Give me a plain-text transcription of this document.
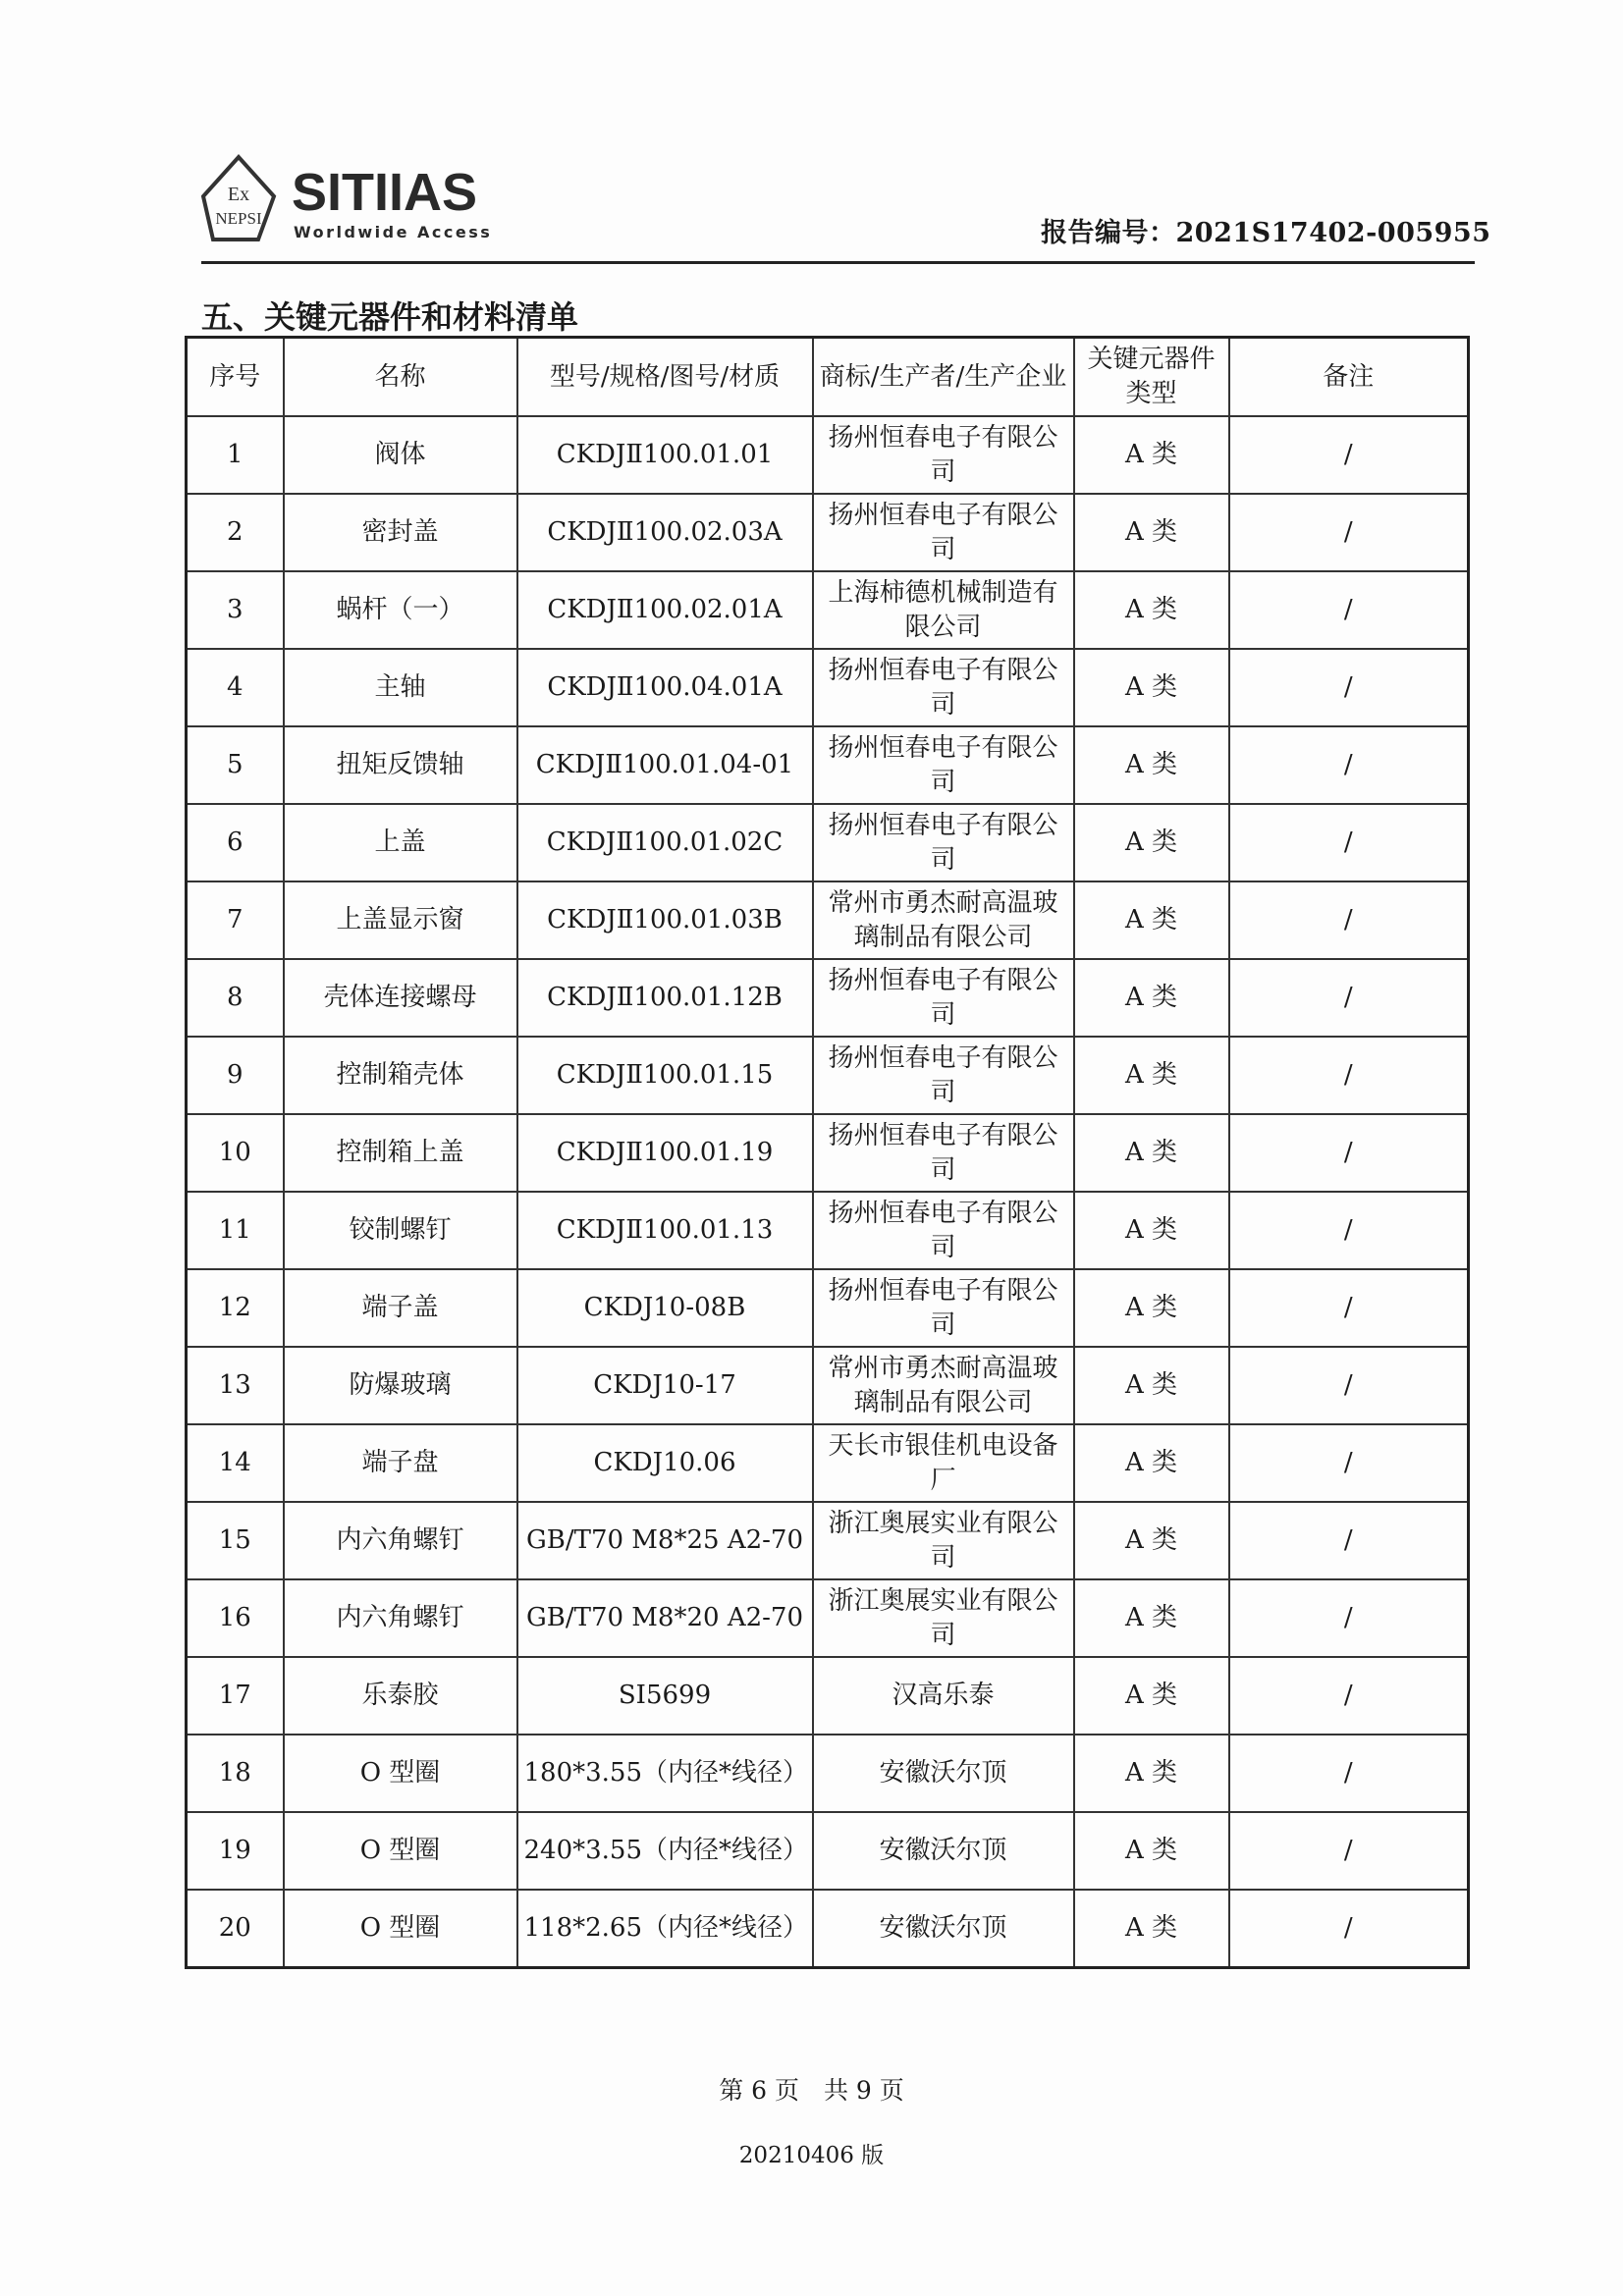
Ex
NEPSI SITIIAS
Worldwide Access	报告编号：2021S17402-005955
五、关键元器件和材料清单
序号	名称	型号/规格/图号/材质	商标/生产者/生产企业	关键元器件类型	备注
1	阀体	CKDJⅡ100.01.01	扬州恒春电子有限公司	A 类	/
2	密封盖	CKDJⅡ100.02.03A	扬州恒春电子有限公司	A 类	/
3	蜗杆（一）	CKDJⅡ100.02.01A	上海柿德机械制造有限公司	A 类	/
4	主轴	CKDJⅡ100.04.01A	扬州恒春电子有限公司	A 类	/
5	扭矩反馈轴	CKDJⅡ100.01.04-01	扬州恒春电子有限公司	A 类	/
6	上盖	CKDJⅡ100.01.02C	扬州恒春电子有限公司	A 类	/
7	上盖显示窗	CKDJⅡ100.01.03B	常州市勇杰耐高温玻璃制品有限公司	A 类	/
8	壳体连接螺母	CKDJⅡ100.01.12B	扬州恒春电子有限公司	A 类	/
9	控制箱壳体	CKDJⅡ100.01.15	扬州恒春电子有限公司	A 类	/
10	控制箱上盖	CKDJⅡ100.01.19	扬州恒春电子有限公司	A 类	/
11	铰制螺钉	CKDJⅡ100.01.13	扬州恒春电子有限公司	A 类	/
12	端子盖	CKDJ10-08B	扬州恒春电子有限公司	A 类	/
13	防爆玻璃	CKDJ10-17	常州市勇杰耐高温玻璃制品有限公司	A 类	/
14	端子盘	CKDJ10.06	天长市银佳机电设备厂	A 类	/
15	内六角螺钉	GB/T70 M8*25 A2-70	浙江奥展实业有限公司	A 类	/
16	内六角螺钉	GB/T70 M8*20 A2-70	浙江奥展实业有限公司	A 类	/
17	乐泰胶	SI5699	汉高乐泰	A 类	/
18	O 型圈	180*3.55（内径*线径）	安徽沃尔顶	A 类	/
19	O 型圈	240*3.55（内径*线径）	安徽沃尔顶	A 类	/
20	O 型圈	118*2.65（内径*线径）	安徽沃尔顶	A 类	/
第 6 页　共 9 页
20210406 版
